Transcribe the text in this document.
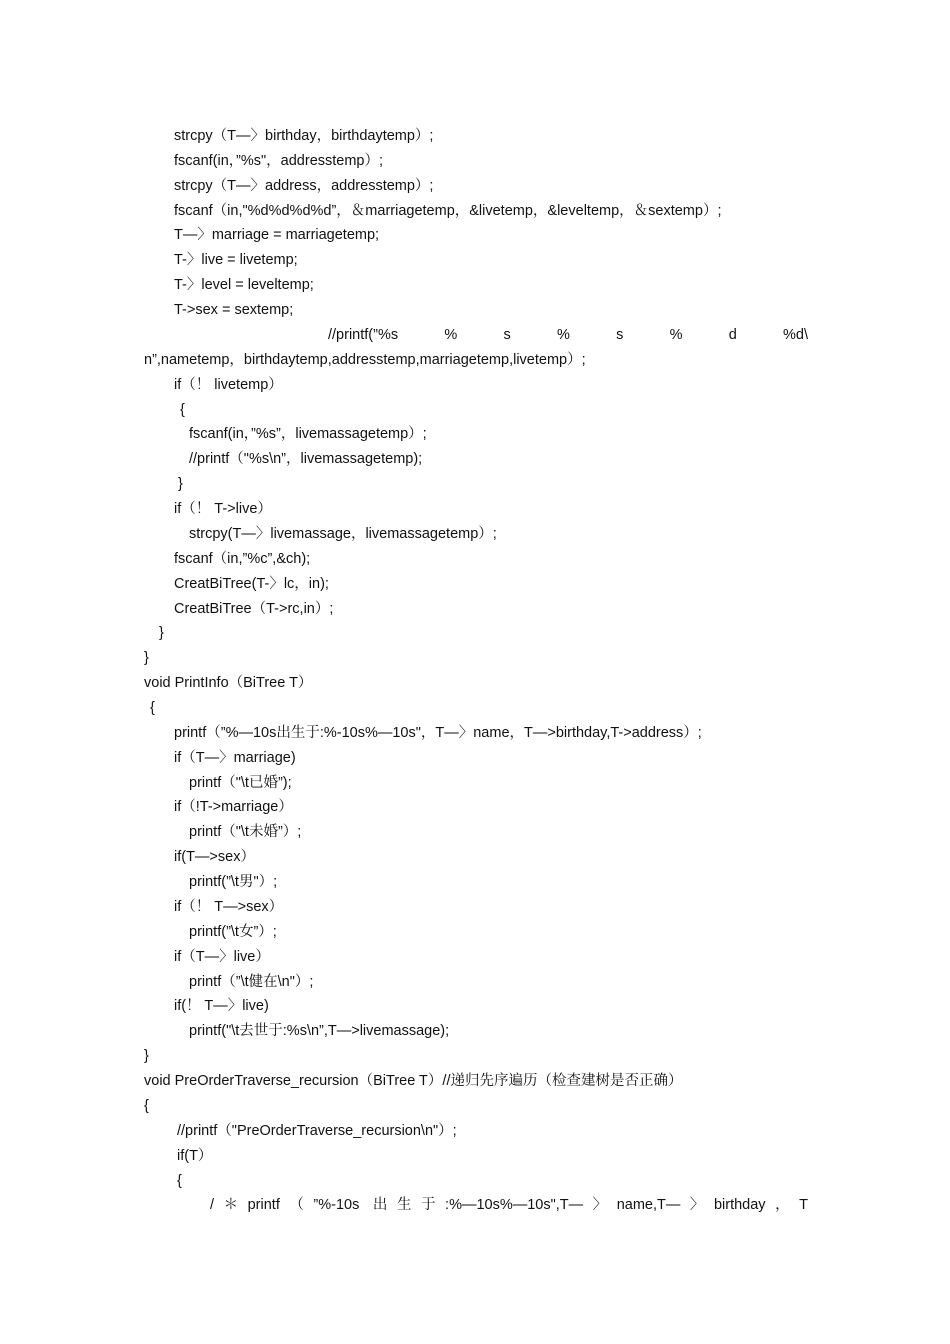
strcpy（T—〉birthday，birthdaytemp）;
fscanf(in，”%s"，addresstemp）;
strcpy（T—〉address，addresstemp）;
fscanf（in,"%d%d%d%d”，＆marriagetemp，&livetemp，&leveltemp，＆sextemp）;
T—〉marriage = marriagetemp;
T-〉live = livetemp;
T-〉level = leveltemp;
T->sex = sextemp;
//printf(”%s % s % s % d %d\
n”,nametemp，birthdaytemp,addresstemp,marriagetemp,livetemp）;
if（！ livetemp）
{
fscanf(in，”%s”，livemassagetemp）;
//printf（"%s\n”，livemassagetemp);
}
if（！ T->live）
strcpy(T—〉livemassage，livemassagetemp）;
fscanf（in,”%c”,&ch);
CreatBiTree(T-〉lc，in);
CreatBiTree（T->rc,in）;
}
}
void PrintInfo（BiTree T）
{
printf（”%—10s出生于:%-10s%—10s"，T—〉name，T—>birthday,T->address）;
if（T—〉marriage)
printf（"\t已婚”);
if（!T->marriage）
printf（"\t未婚”）;
if(T—>sex）
printf(”\t男"）;
if（！ T—>sex）
printf(”\t女”）;
if（T—〉live）
printf（”\t健在\n"）;
if(！ T—〉live)
printf("\t去世于:%s\n”,T—>livemassage);
}
void PreOrderTraverse_recursion（BiTree T）//递归先序遍历（检查建树是否正确）
{
//printf（"PreOrderTraverse_recursion\n"）;
if(T）
{
/＊printf（”%-10s 出生于:%—10s%—10s",T—〉name,T—〉birthday，T
